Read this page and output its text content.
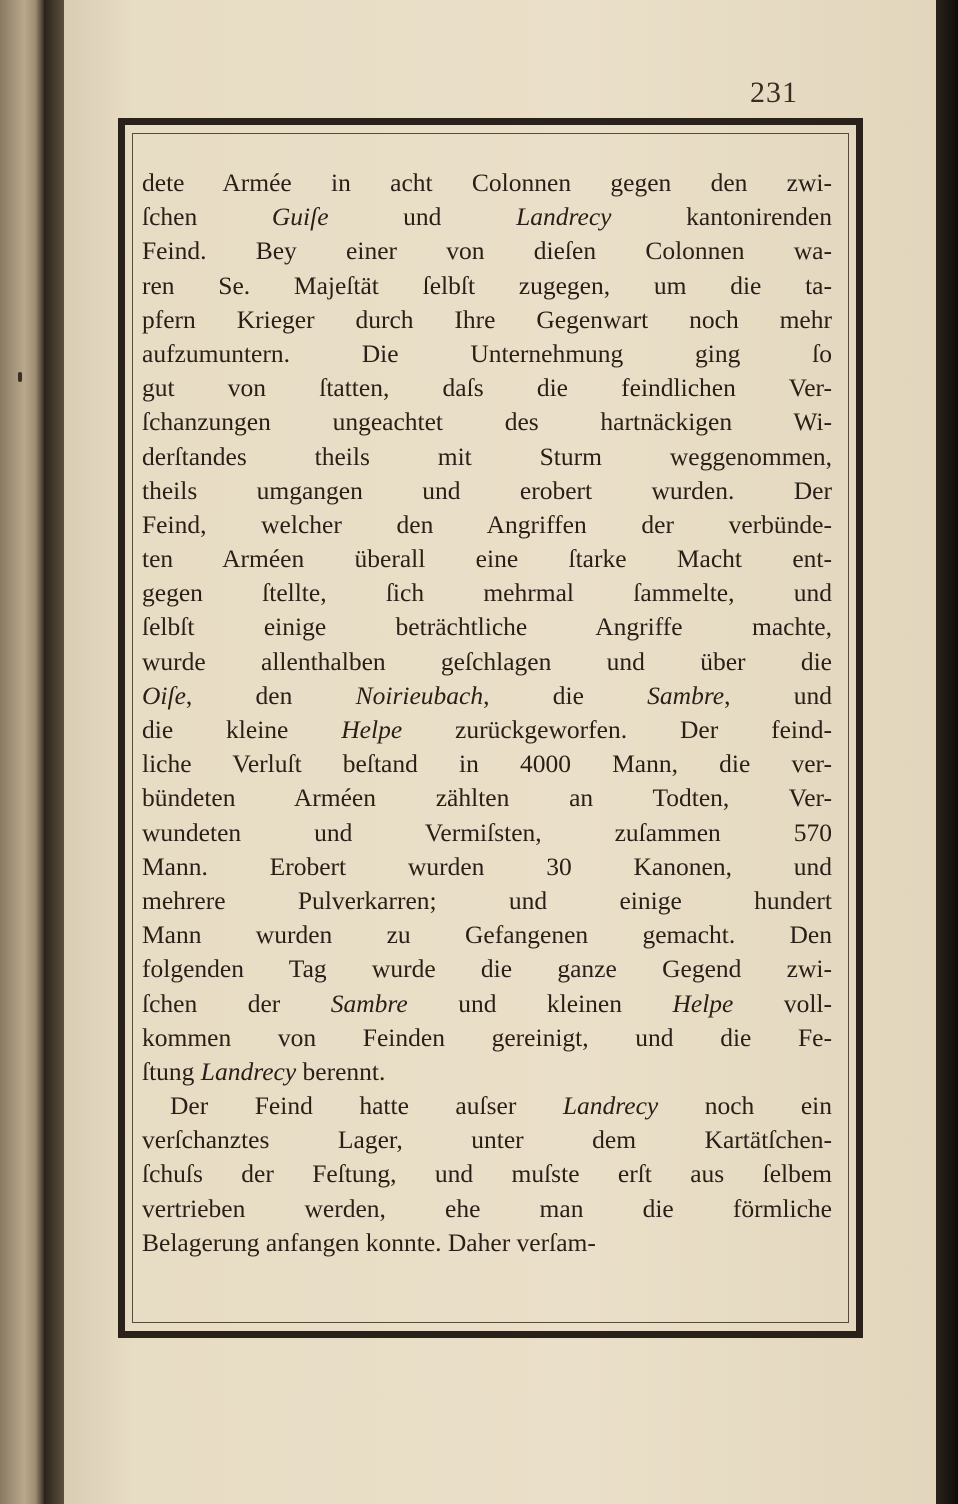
231
dete Armée in acht Colonnen gegen den zwi-
ſchen Guiſe und Landrecy kantonirenden
Feind. Bey einer von dieſen Colonnen wa-
ren Se. Majeſtät ſelbſt zugegen, um die ta-
pfern Krieger durch Ihre Gegenwart noch mehr
aufzumuntern. Die Unternehmung ging ſo
gut von ſtatten, daſs die feindlichen Ver-
ſchanzungen ungeachtet des hartnäckigen Wi-
derſtandes theils mit Sturm weggenommen,
theils umgangen und erobert wurden. Der
Feind, welcher den Angriffen der verbünde-
ten Arméen überall eine ſtarke Macht ent-
gegen ſtellte, ſich mehrmal ſammelte, und
ſelbſt einige beträchtliche Angriffe machte,
wurde allenthalben geſchlagen und über die
Oiſe, den Noirieubach, die Sambre, und
die kleine Helpe zurückgeworfen. Der feind-
liche Verluſt beſtand in 4000 Mann, die ver-
bündeten Arméen zählten an Todten, Ver-
wundeten und Vermiſsten, zuſammen 570
Mann. Erobert wurden 30 Kanonen, und
mehrere Pulverkarren; und einige hundert
Mann wurden zu Gefangenen gemacht. Den
folgenden Tag wurde die ganze Gegend zwi-
ſchen der Sambre und kleinen Helpe voll-
kommen von Feinden gereinigt, und die Fe-
ſtung Landrecy berennt.
Der Feind hatte auſser Landrecy noch ein
verſchanztes Lager, unter dem Kartätſchen-
ſchuſs der Feſtung, und muſste erſt aus ſelbem
vertrieben werden, ehe man die förmliche
Belagerung anfangen konnte. Daher verſam-
